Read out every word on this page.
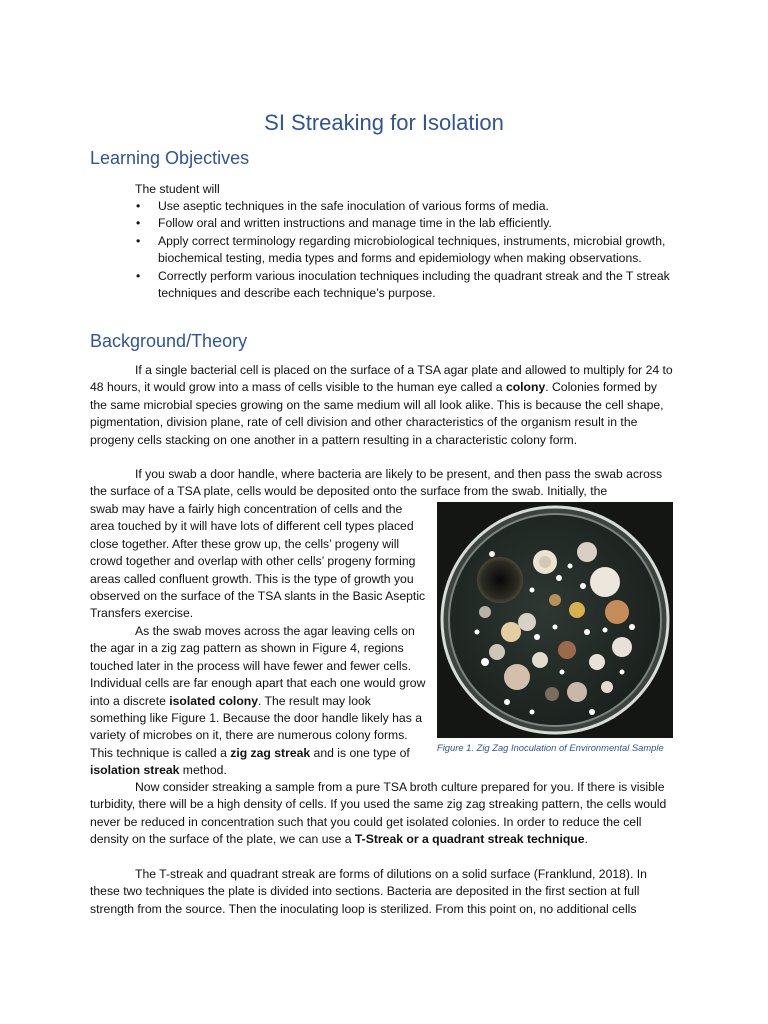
SI Streaking for Isolation
Learning Objectives
The student will
• Use aseptic techniques in the safe inoculation of various forms of media.
• Follow oral and written instructions and manage time in the lab efficiently.
• Apply correct terminology regarding microbiological techniques, instruments, microbial growth, biochemical testing, media types and forms and epidemiology when making observations.
• Correctly perform various inoculation techniques including the quadrant streak and the T streak techniques and describe each technique’s purpose.
Background/Theory

If a single bacterial cell is placed on the surface of a TSA agar plate and allowed to multiply for 24 to 48 hours, it would grow into a mass of cells visible to the human eye called a colony. Colonies formed by the same microbial species growing on the same medium will all look alike. This is because the cell shape, pigmentation, division plane, rate of cell division and other characteristics of the organism result in the progeny cells stacking on one another in a pattern resulting in a characteristic colony form.

If you swab a door handle, where bacteria are likely to be present, and then pass the swab across the surface of a TSA plate, cells would be deposited onto the surface from the swab. Initially, the

swab may have a fairly high concentration of cells and the area touched by it will have lots of different cell types placed close together. After these grow up, the cells’ progeny will crowd together and overlap with other cells’ progeny forming areas called confluent growth. This is the type of growth you observed on the surface of the TSA slants in the Basic Aseptic Transfers exercise.

As the swab moves across the agar leaving cells on the agar in a zig zag pattern as shown in Figure 4, regions touched later in the process will have fewer and fewer cells. Individual cells are far enough apart that each one would grow into a discrete isolated colony. The result may look something like Figure 1. Because the door handle likely has a variety of microbes on it, there are numerous colony forms. This technique is called a zig zag streak and is one type of isolation streak method.

Now consider streaking a sample from a pure TSA broth culture prepared for you. If there is visible turbidity, there will be a high density of cells. If you used the same zig zag streaking pattern, the cells would never be reduced in concentration such that you could get isolated colonies. In order to reduce the cell density on the surface of the plate, we can use a T-Streak or a quadrant streak technique.

The T-streak and quadrant streak are forms of dilutions on a solid surface (Franklund, 2018). In these two techniques the plate is divided into sections. Bacteria are deposited in the first section at full strength from the source. Then the inoculating loop is sterilized. From this point on, no additional cells

Figure 1. Zig Zag Inoculation of Environmental Sample
